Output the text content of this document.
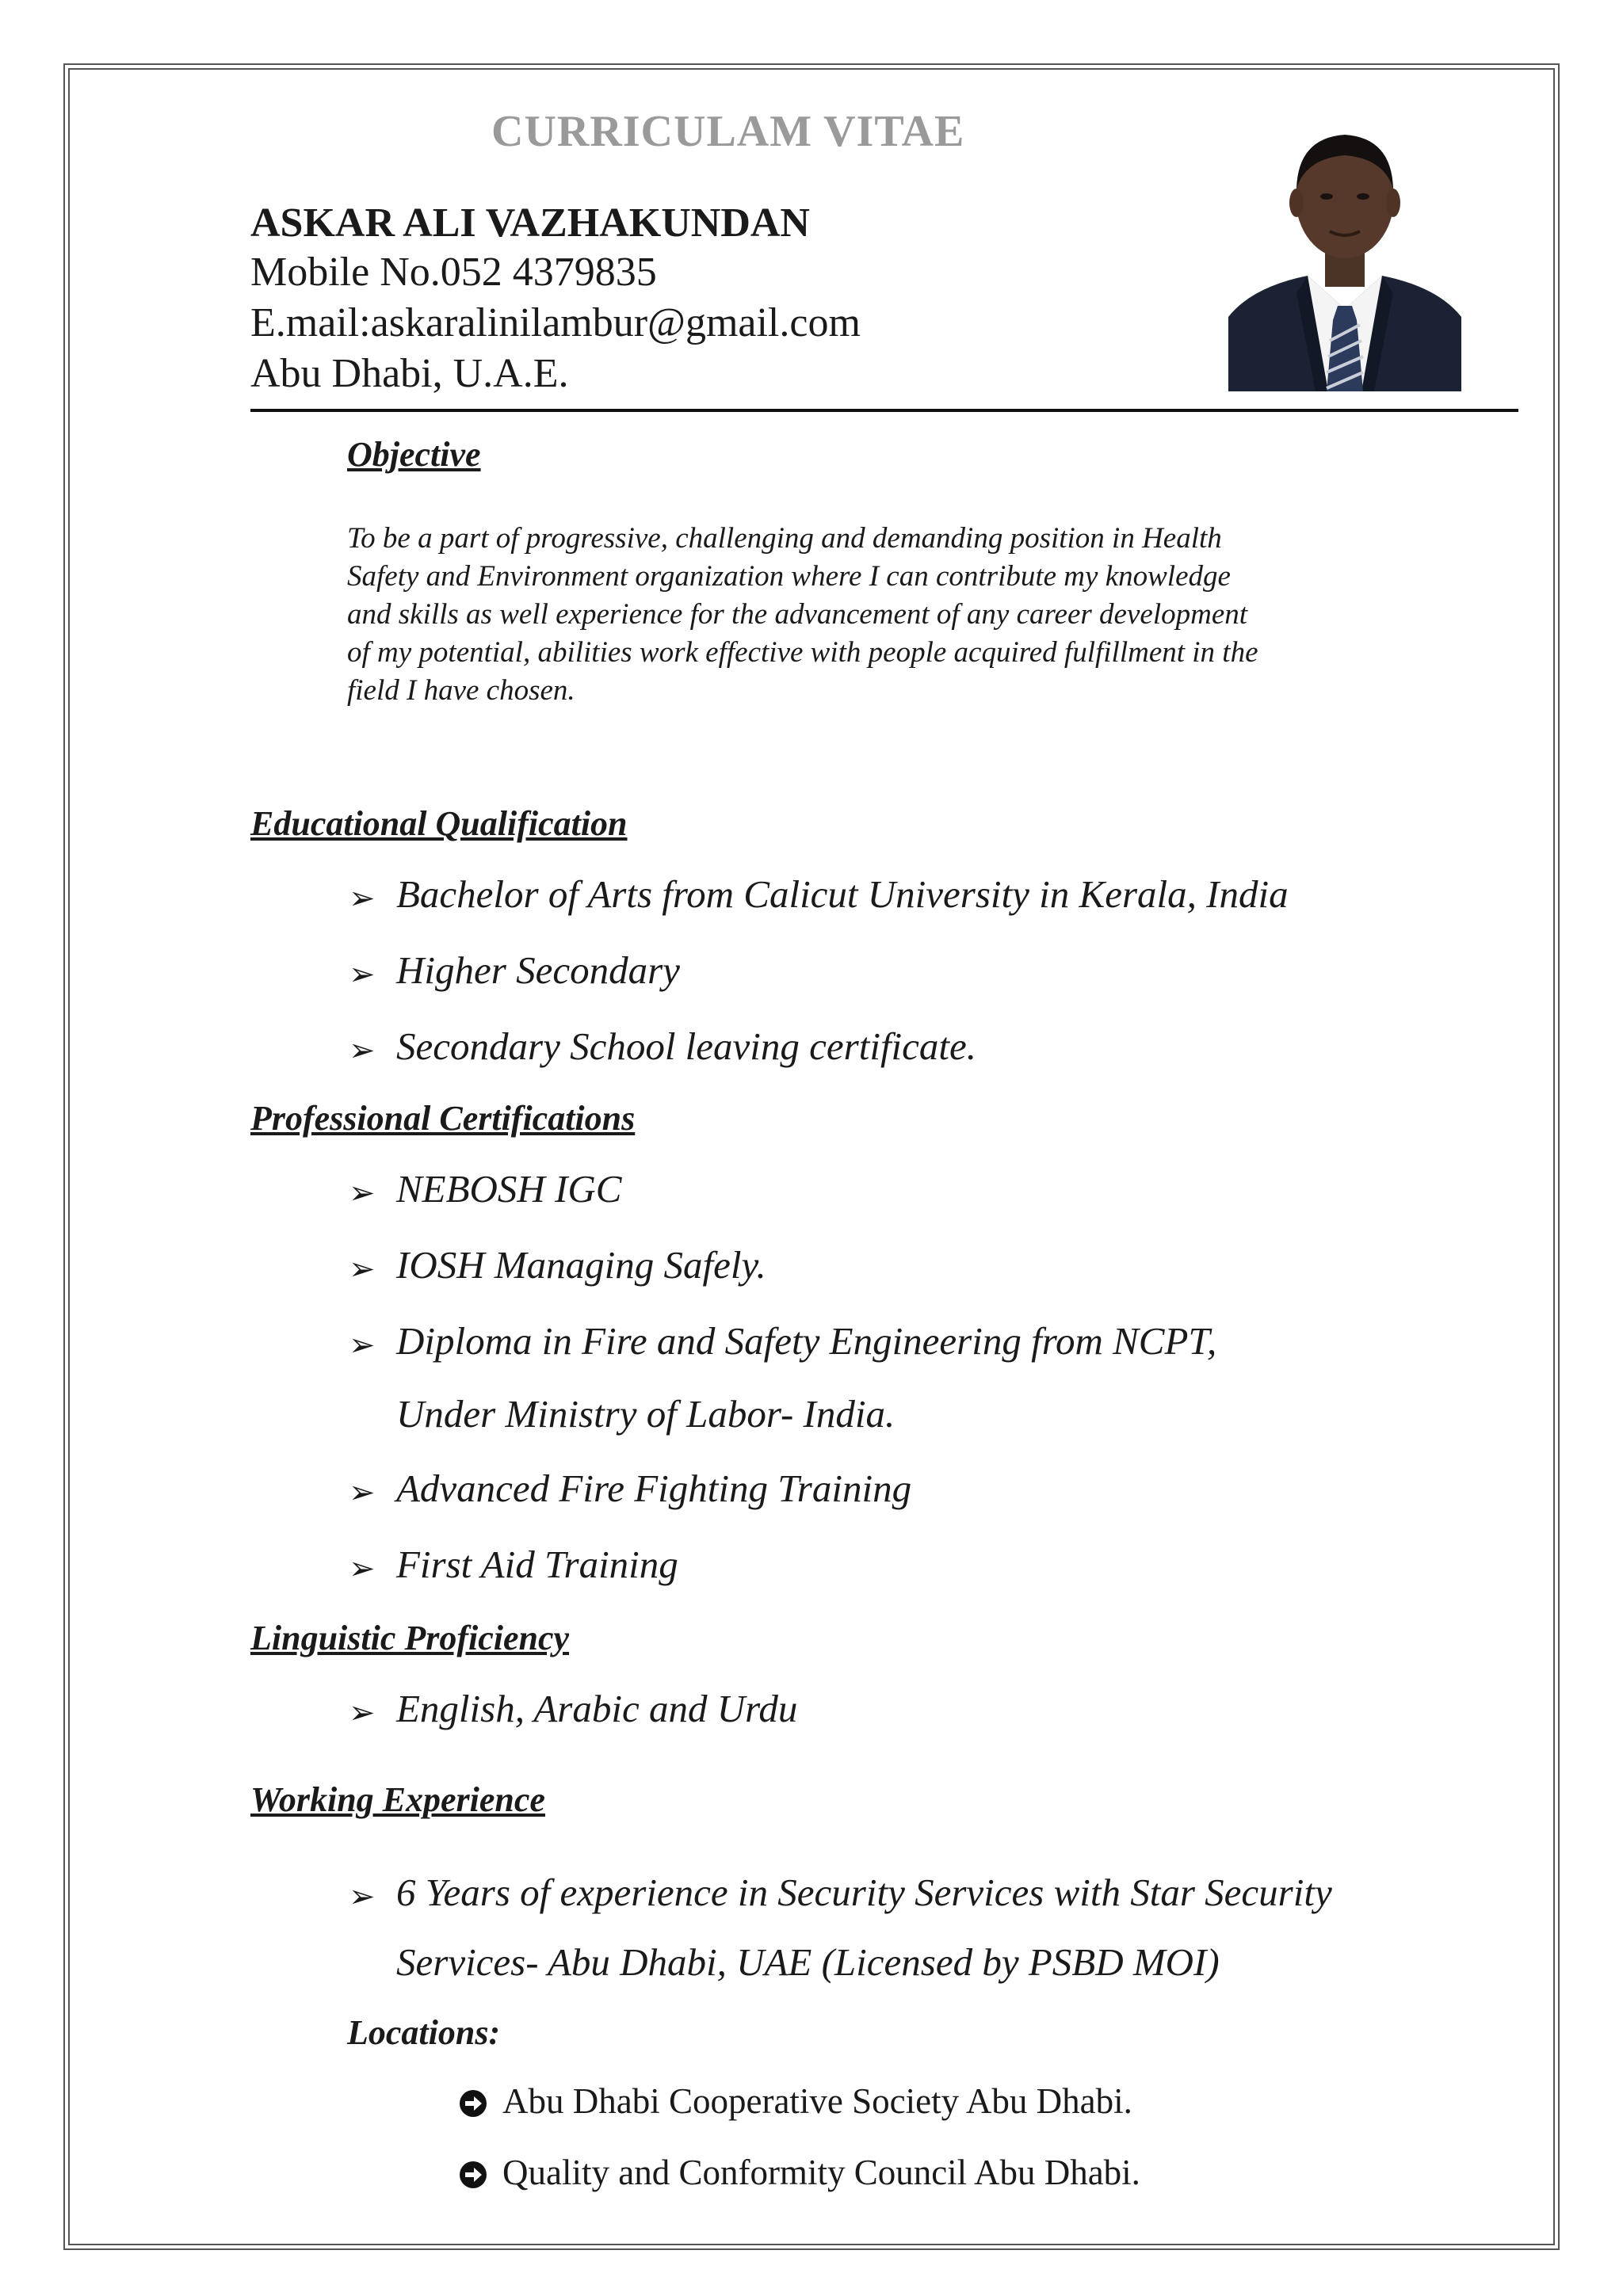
CURRICULAM VITAE
ASKAR ALI VAZHAKUNDAN
Mobile No.052 4379835
E.mail:askaralinilambur@gmail.com
Abu Dhabi, U.A.E.
Objective
To be a part of progressive, challenging and demanding position in Health
Safety and Environment organization where I can contribute my knowledge
and skills as well experience for the advancement of any career development
of my potential, abilities work effective with people acquired fulfillment in the
field I have chosen.
Educational Qualification
➢ Bachelor of Arts from Calicut University in Kerala, India
➢ Higher Secondary
➢ Secondary School leaving certificate.
Professional Certifications
➢ NEBOSH IGC
➢ IOSH Managing Safely.
➢ Diploma in Fire and Safety Engineering from NCPT,
Under Ministry of Labor- India.
➢ Advanced Fire Fighting Training
➢ First Aid Training
Linguistic Proficiency
➢ English, Arabic and Urdu
Working Experience
➢ 6 Years of experience in Security Services with Star Security
Services- Abu Dhabi, UAE (Licensed by PSBD MOI)
Locations:
Abu Dhabi Cooperative Society Abu Dhabi.
Quality and Conformity Council Abu Dhabi.
